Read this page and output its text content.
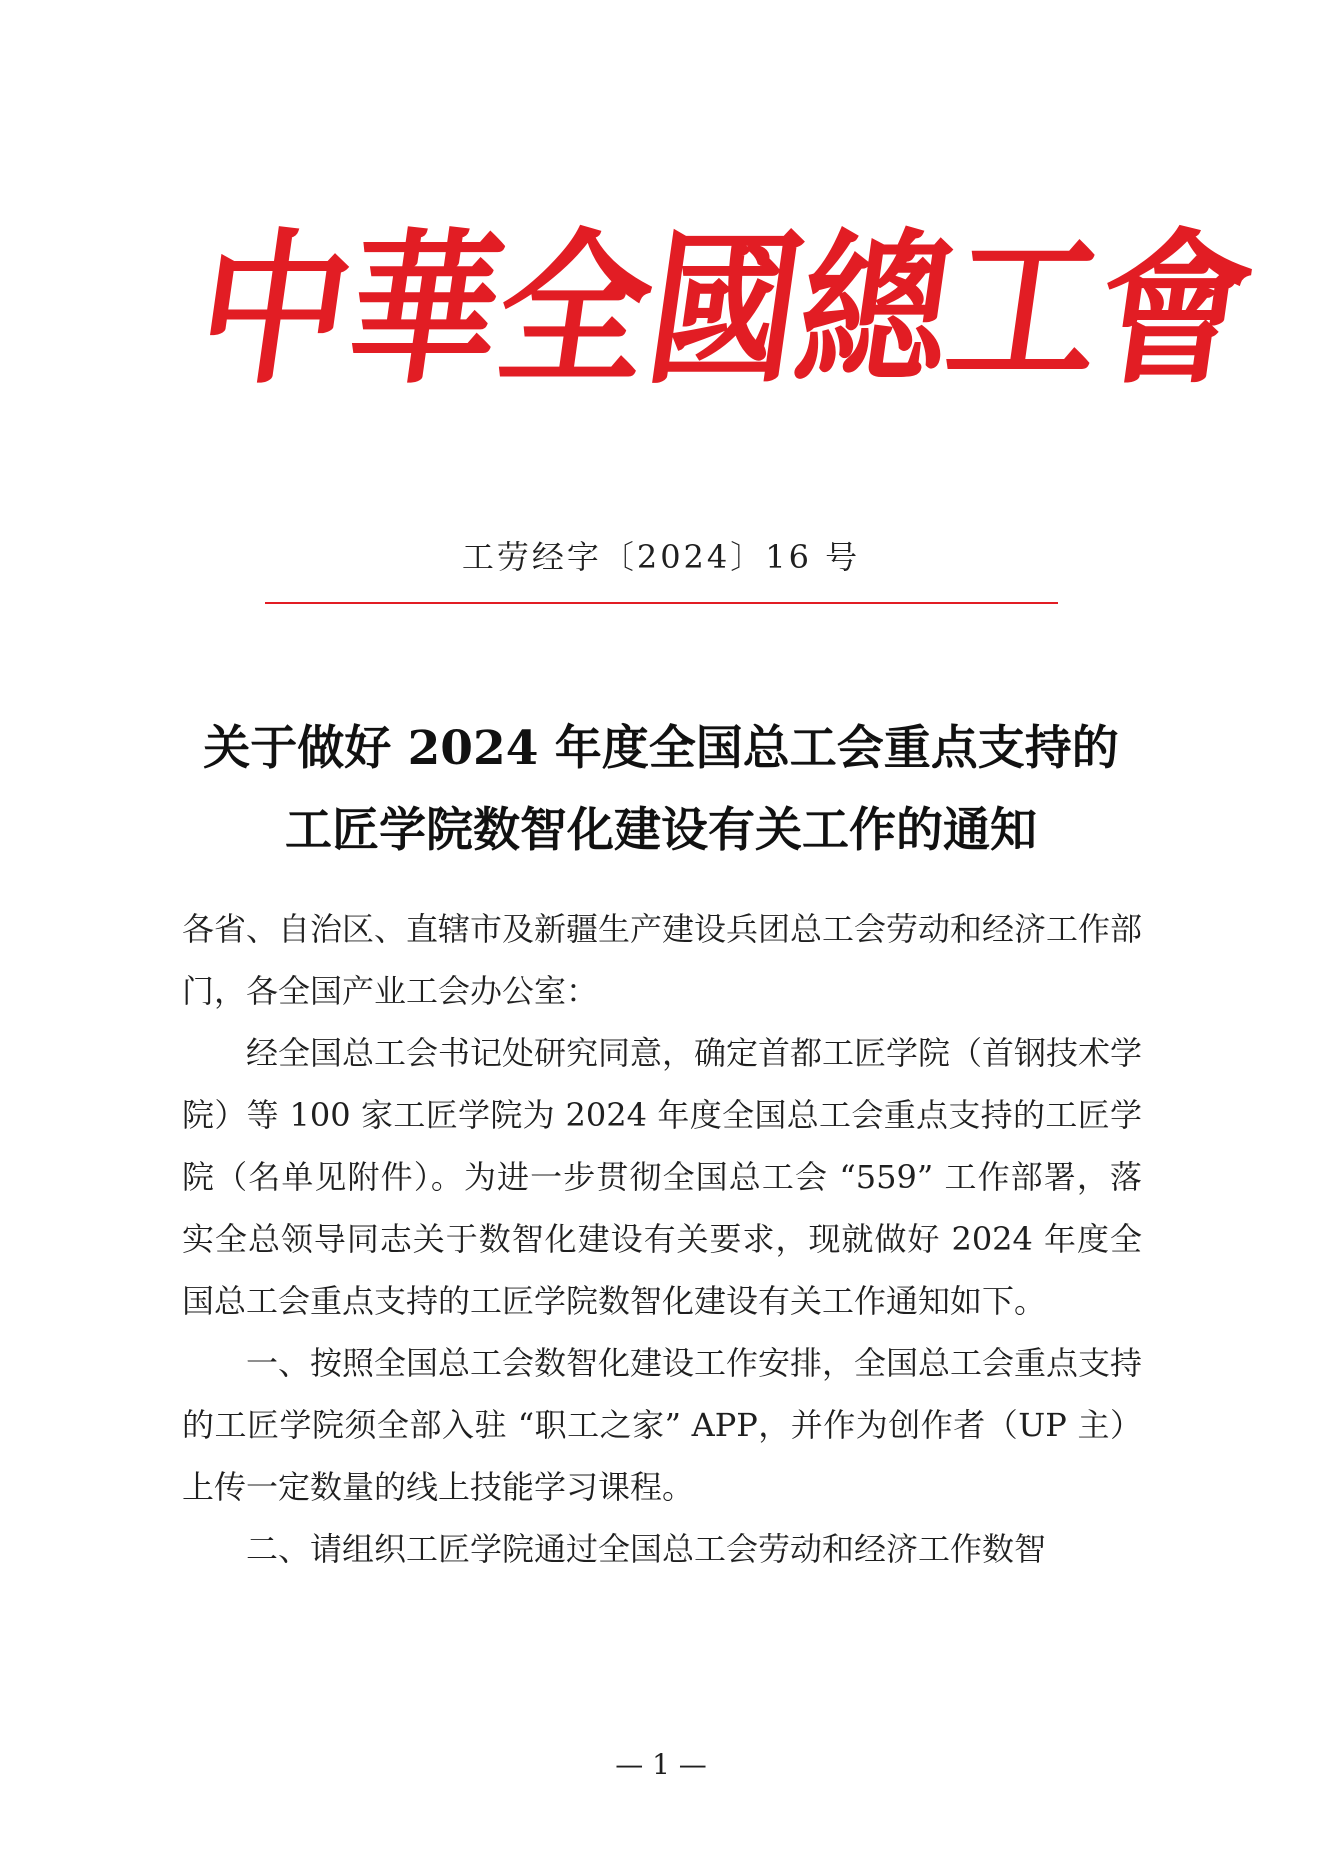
中
華
全
國
總
工
會
工劳经字〔2024〕16 号
关于做好 2024 年度全国总工会重点支持的
工匠学院数智化建设有关工作的通知

各省、自治区、直辖市及新疆生产建设兵团总工会劳动和经济工作部门，各全国产业工会办公室：

经全国总工会书记处研究同意，确定首都工匠学院（首钢技术学院）等 100 家工匠学院为 2024 年度全国总工会重点支持的工匠学院（名单见附件）。为进一步贯彻全国总工会 “559” 工作部署，落实全总领导同志关于数智化建设有关要求，现就做好 2024 年度全国总工会重点支持的工匠学院数智化建设有关工作通知如下。

一、按照全国总工会数智化建设工作安排，全国总工会重点支持的工匠学院须全部入驻 “职工之家” APP，并作为创作者（UP 主）上传一定数量的线上技能学习课程。

二、请组织工匠学院通过全国总工会劳动和经济工作数智

— 1 —
